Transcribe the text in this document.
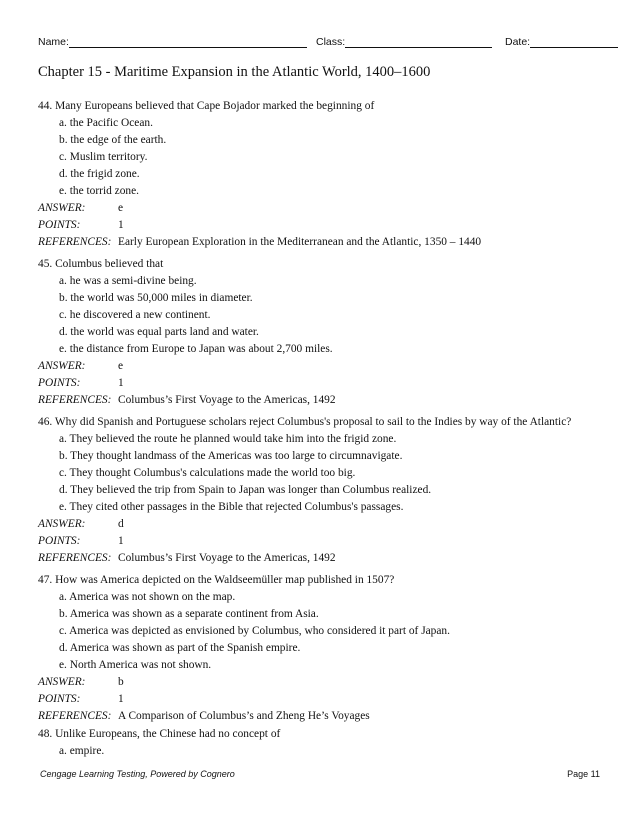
Name:	Class:	Date:
Chapter 15 - Maritime Expansion in the Atlantic World, 1400–1600
44. Many Europeans believed that Cape Bojador marked the beginning of
a. the Pacific Ocean.
b. the edge of the earth.
c. Muslim territory.
d. the frigid zone.
e. the torrid zone.
ANSWER:	e
POINTS:	1
REFERENCES: Early European Exploration in the Mediterranean and the Atlantic, 1350 – 1440
45. Columbus believed that
a. he was a semi-divine being.
b. the world was 50,000 miles in diameter.
c. he discovered a new continent.
d. the world was equal parts land and water.
e. the distance from Europe to Japan was about 2,700 miles.
ANSWER:	e
POINTS:	1
REFERENCES: Columbus’s First Voyage to the Americas, 1492
46. Why did Spanish and Portuguese scholars reject Columbus's proposal to sail to the Indies by way of the Atlantic?
a. They believed the route he planned would take him into the frigid zone.
b. They thought landmass of the Americas was too large to circumnavigate.
c. They thought Columbus's calculations made the world too big.
d. They believed the trip from Spain to Japan was longer than Columbus realized.
e. They cited other passages in the Bible that rejected Columbus's passages.
ANSWER:	d
POINTS:	1
REFERENCES: Columbus’s First Voyage to the Americas, 1492
47. How was America depicted on the Waldseemüller map published in 1507?
a. America was not shown on the map.
b. America was shown as a separate continent from Asia.
c. America was depicted as envisioned by Columbus, who considered it part of Japan.
d. America was shown as part of the Spanish empire.
e. North America was not shown.
ANSWER:	b
POINTS:	1
REFERENCES: A Comparison of Columbus’s and Zheng He’s Voyages
48. Unlike Europeans, the Chinese had no concept of
a. empire.
Cengage Learning Testing, Powered by Cognero	Page 11
